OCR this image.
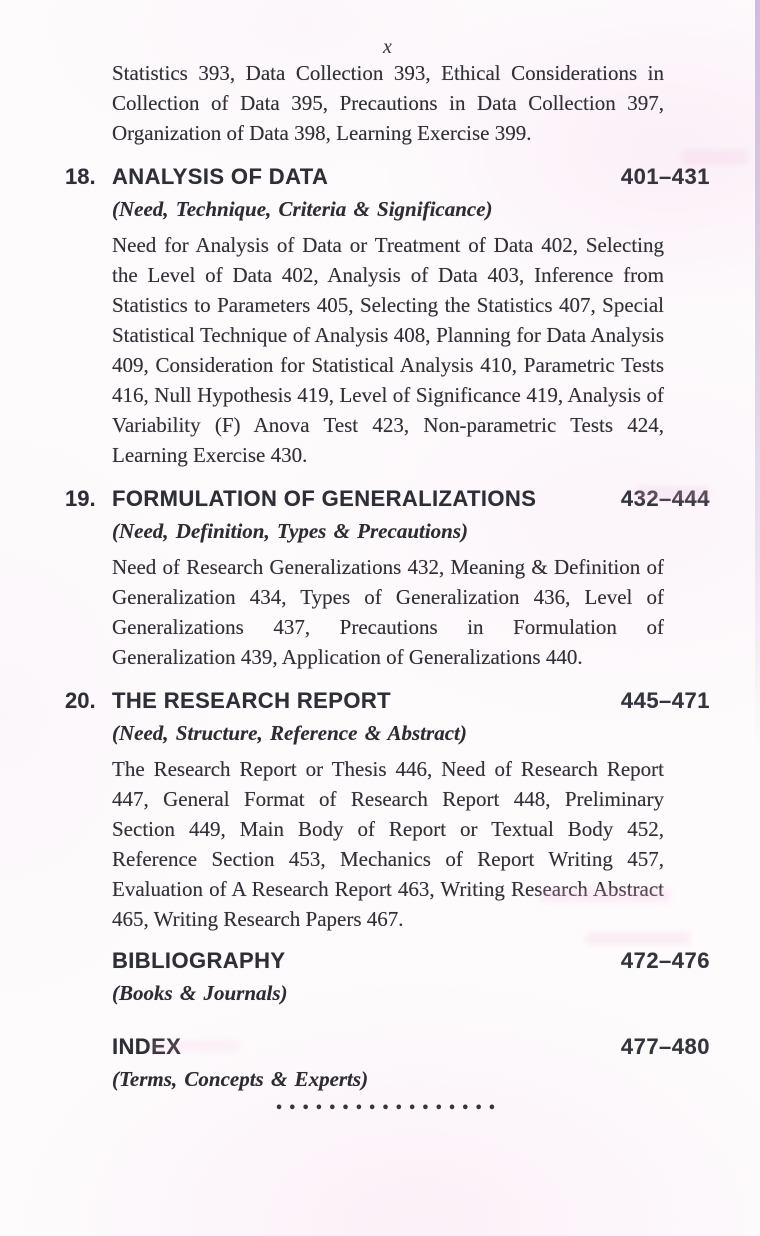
x

Statistics 393, Data Collection 393, Ethical Considerations in Collection of Data 395, Precautions in Data Collection 397, Organization of Data 398, Learning Exercise 399.

18. ANALYSIS OF DATA	401–431
(Need, Technique, Criteria & Significance)

Need for Analysis of Data or Treatment of Data 402, Selecting the Level of Data 402, Analysis of Data 403, Inference from Statistics to Parameters 405, Selecting the Statistics 407, Special Statistical Technique of Analysis 408, Planning for Data Analysis 409, Consideration for Statistical Analysis 410, Parametric Tests 416, Null Hypothesis 419, Level of Significance 419, Analysis of Variability (F) Anova Test 423, Non-parametric Tests 424, Learning Exercise 430.

19. FORMULATION OF GENERALIZATIONS	432–444
(Need, Definition, Types & Precautions)

Need of Research Generalizations 432, Meaning & Definition of Generalization 434, Types of Generalization 436, Level of Generalizations 437, Precautions in Formulation of Generalization 439, Application of Generalizations 440.

20. THE RESEARCH REPORT	445–471
(Need, Structure, Reference & Abstract)

The Research Report or Thesis 446, Need of Research Report 447, General Format of Research Report 448, Preliminary Section 449, Main Body of Report or Textual Body 452, Reference Section 453, Mechanics of Report Writing 457, Evaluation of A Research Report 463, Writing Research Abstract 465, Writing Research Papers 467.

BIBLIOGRAPHY	472–476
(Books & Journals)
INDEX	477–480
(Terms, Concepts & Experts)
•••••••••••••••••
